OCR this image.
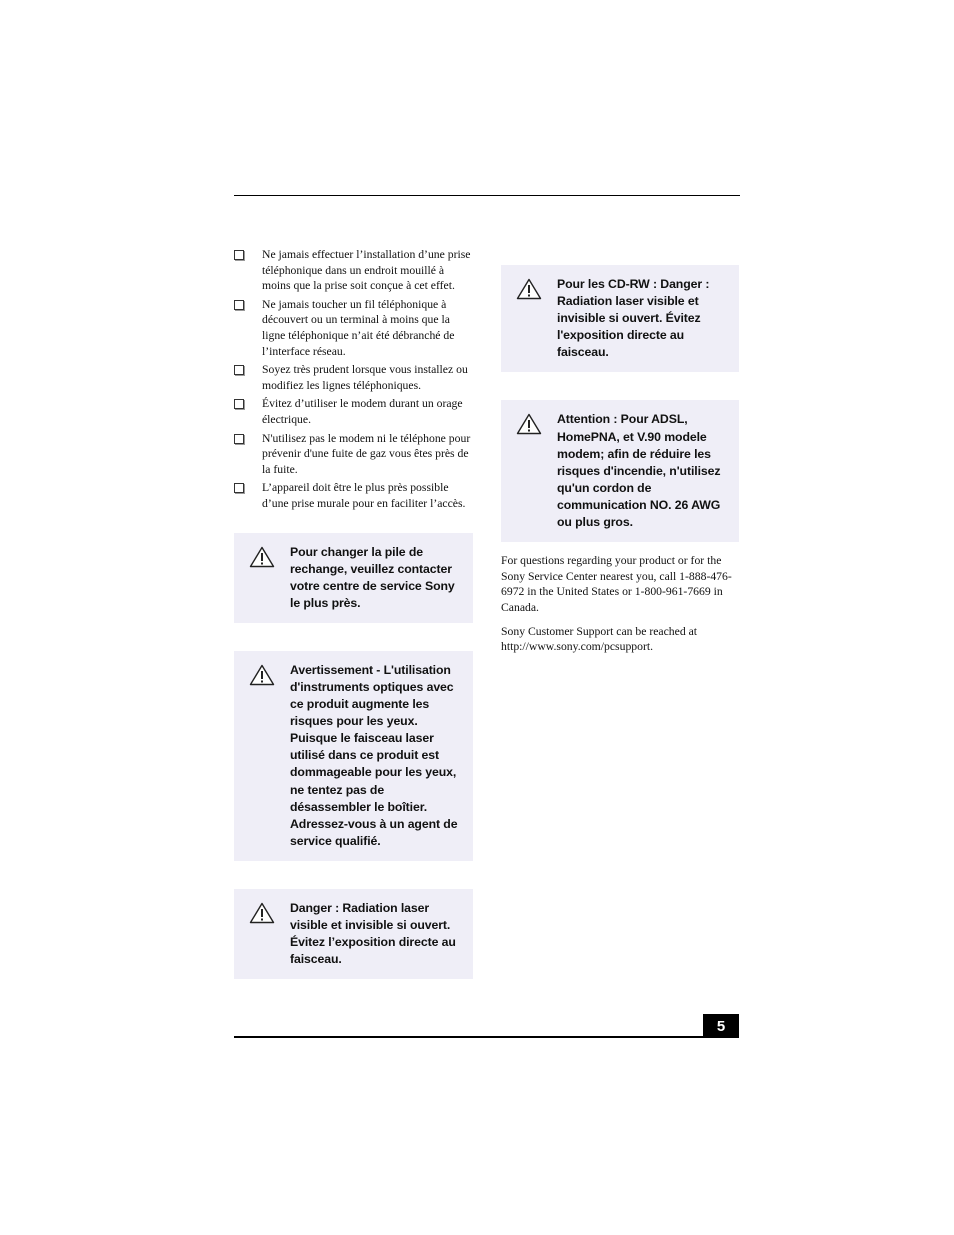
Ne jamais effectuer l’installation d’une prise téléphonique dans un endroit mouillé à moins que la prise soit conçue à cet effet.
Ne jamais toucher un fil téléphonique à découvert ou un terminal à moins que la ligne téléphonique n’ait été débranché de l’interface réseau.
Soyez très prudent lorsque vous installez ou modifiez les lignes téléphoniques.
Évitez d’utiliser le modem durant un orage électrique.
N'utilisez pas le modem ni le téléphone pour prévenir d'une fuite de gaz vous êtes près de la fuite.
L’appareil doit être le plus près possible d’une prise murale pour en faciliter l’accès.
Pour changer la pile de rechange, veuillez contacter votre centre de service Sony le plus près.
Avertissement - L'utilisation d'instruments optiques avec ce produit augmente les risques pour les yeux. Puisque le faisceau laser utilisé dans ce produit est dommageable pour les yeux, ne tentez pas de désassembler le boîtier. Adressez-vous à un agent de service qualifié.
Danger : Radiation laser visible et invisible si ouvert. Évitez l’exposition directe au faisceau.
Pour les CD-RW : Danger : Radiation laser visible et invisible si ouvert. Évitez l'exposition directe au faisceau.
Attention : Pour ADSL, HomePNA, et V.90 modele modem; afin de réduire les risques d'incendie, n'utilisez qu'un cordon de communication NO. 26 AWG ou plus gros.

For questions regarding your product or for the Sony Service Center nearest you, call 1-888-476-6972 in the United States or 1-800-961-7669 in Canada.

Sony Customer Support can be reached at http://www.sony.com/pcsupport.

5
